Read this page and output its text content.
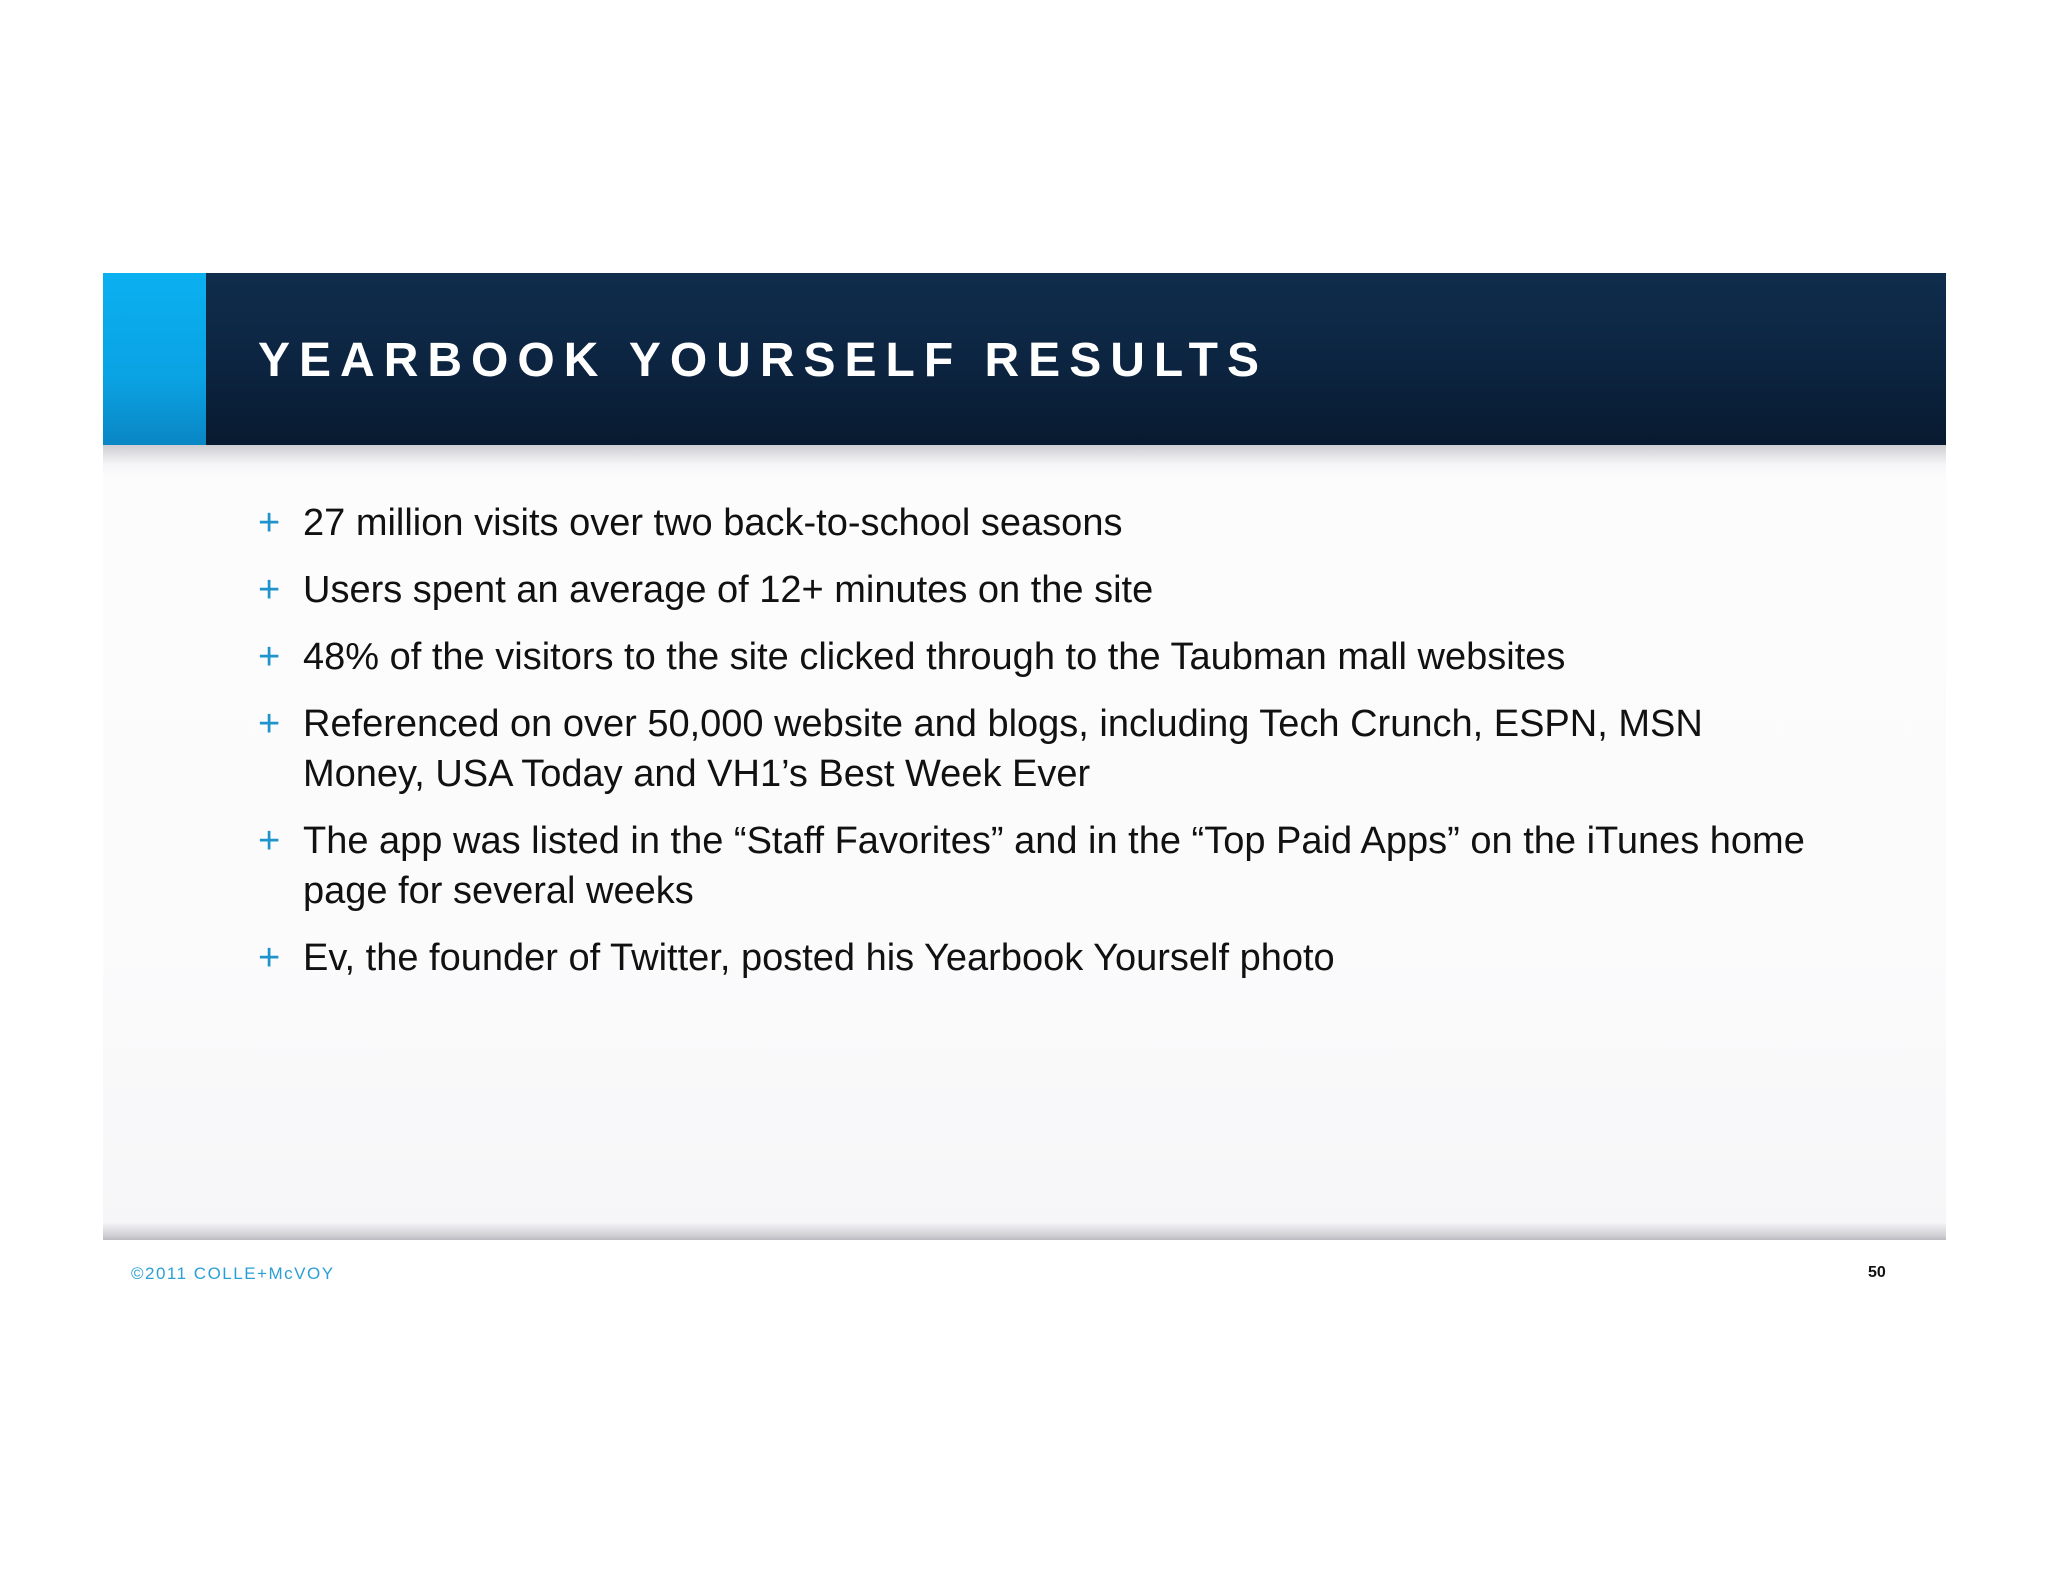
YEARBOOK YOURSELF RESULTS
+ 27 million visits over two back-to-school seasons
+ Users spent an average of 12+ minutes on the site
+ 48% of the visitors to the site clicked through to the Taubman mall websites
+ Referenced on over 50,000 website and blogs, including Tech Crunch, ESPN, MSN Money, USA Today and VH1’s Best Week Ever
+ The app was listed in the “Staff Favorites” and in the “Top Paid Apps” on the iTunes home page for several weeks
+ Ev, the founder of Twitter, posted his Yearbook Yourself photo
©2011 COLLE+McVOY	50
